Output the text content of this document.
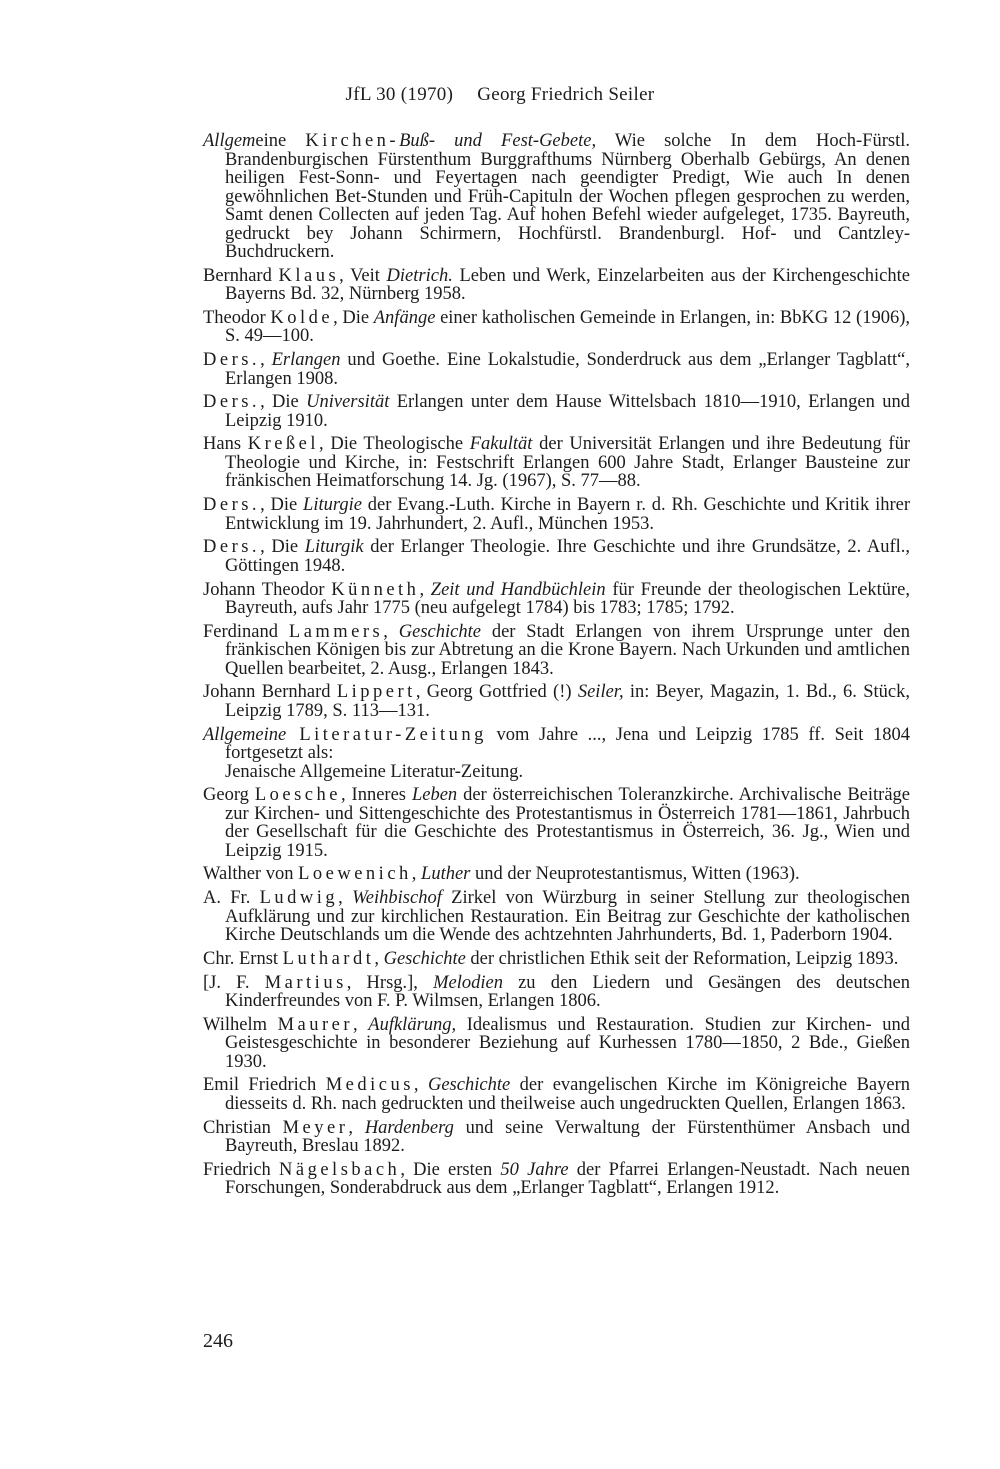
JfL 30 (1970) Georg Friedrich Seiler
Allgemeine Kirchen-Buß- und Fest-Gebete, Wie solche In dem Hoch-Fürstl. Brandenburgischen Fürstenthum Burggrafthums Nürnberg Oberhalb Gebürgs, An denen heiligen Fest-Sonn- und Feyertagen nach geendigter Predigt, Wie auch In denen gewöhnlichen Bet-Stunden und Früh-Capituln der Wochen pflegen gesprochen zu werden, Samt denen Collecten auf jeden Tag. Auf hohen Befehl wieder aufgeleget, 1735. Bayreuth, gedruckt bey Johann Schirmern, Hochfürstl. Brandenburgl. Hof- und Cantzley-Buchdruckern.
Bernhard Klaus, Veit Dietrich. Leben und Werk, Einzelarbeiten aus der Kirchengeschichte Bayerns Bd. 32, Nürnberg 1958.
Theodor Kolde, Die Anfänge einer katholischen Gemeinde in Erlangen, in: BbKG 12 (1906), S. 49—100.
Ders., Erlangen und Goethe. Eine Lokalstudie, Sonderdruck aus dem „Erlanger Tagblatt“, Erlangen 1908.
Ders., Die Universität Erlangen unter dem Hause Wittelsbach 1810—1910, Erlangen und Leipzig 1910.
Hans Kreßel, Die Theologische Fakultät der Universität Erlangen und ihre Bedeutung für Theologie und Kirche, in: Festschrift Erlangen 600 Jahre Stadt, Erlanger Bausteine zur fränkischen Heimatforschung 14. Jg. (1967), S. 77—88.
Ders., Die Liturgie der Evang.-Luth. Kirche in Bayern r. d. Rh. Geschichte und Kritik ihrer Entwicklung im 19. Jahrhundert, 2. Aufl., München 1953.
Ders., Die Liturgik der Erlanger Theologie. Ihre Geschichte und ihre Grundsätze, 2. Aufl., Göttingen 1948.
Johann Theodor Künneth, Zeit und Handbüchlein für Freunde der theologischen Lektüre, Bayreuth, aufs Jahr 1775 (neu aufgelegt 1784) bis 1783; 1785; 1792.
Ferdinand Lammers, Geschichte der Stadt Erlangen von ihrem Ursprunge unter den fränkischen Königen bis zur Abtretung an die Krone Bayern. Nach Urkunden und amtlichen Quellen bearbeitet, 2. Ausg., Erlangen 1843.
Johann Bernhard Lippert, Georg Gottfried (!) Seiler, in: Beyer, Magazin, 1. Bd., 6. Stück, Leipzig 1789, S. 113—131.
Allgemeine Literatur-Zeitung vom Jahre ..., Jena und Leipzig 1785 ff. Seit 1804 fortgesetzt als:
Jenaische Allgemeine Literatur-Zeitung.
Georg Loesche, Inneres Leben der österreichischen Toleranzkirche. Archivalische Beiträge zur Kirchen- und Sittengeschichte des Protestantismus in Österreich 1781—1861, Jahrbuch der Gesellschaft für die Geschichte des Protestantismus in Österreich, 36. Jg., Wien und Leipzig 1915.
Walther von Loewenich, Luther und der Neuprotestantismus, Witten (1963).
A. Fr. Ludwig, Weihbischof Zirkel von Würzburg in seiner Stellung zur theologischen Aufklärung und zur kirchlichen Restauration. Ein Beitrag zur Geschichte der katholischen Kirche Deutschlands um die Wende des achtzehnten Jahrhunderts, Bd. 1, Paderborn 1904.
Chr. Ernst Luthardt, Geschichte der christlichen Ethik seit der Reformation, Leipzig 1893.
[J. F. Martius, Hrsg.], Melodien zu den Liedern und Gesängen des deutschen Kinderfreundes von F. P. Wilmsen, Erlangen 1806.
Wilhelm Maurer, Aufklärung, Idealismus und Restauration. Studien zur Kirchen- und Geistesgeschichte in besonderer Beziehung auf Kurhessen 1780—1850, 2 Bde., Gießen 1930.
Emil Friedrich Medicus, Geschichte der evangelischen Kirche im Königreiche Bayern diesseits d. Rh. nach gedruckten und theilweise auch ungedruckten Quellen, Erlangen 1863.
Christian Meyer, Hardenberg und seine Verwaltung der Fürstenthümer Ansbach und Bayreuth, Breslau 1892.
Friedrich Nägelsbach, Die ersten 50 Jahre der Pfarrei Erlangen-Neustadt. Nach neuen Forschungen, Sonderabdruck aus dem „Erlanger Tagblatt“, Erlangen 1912.
246
